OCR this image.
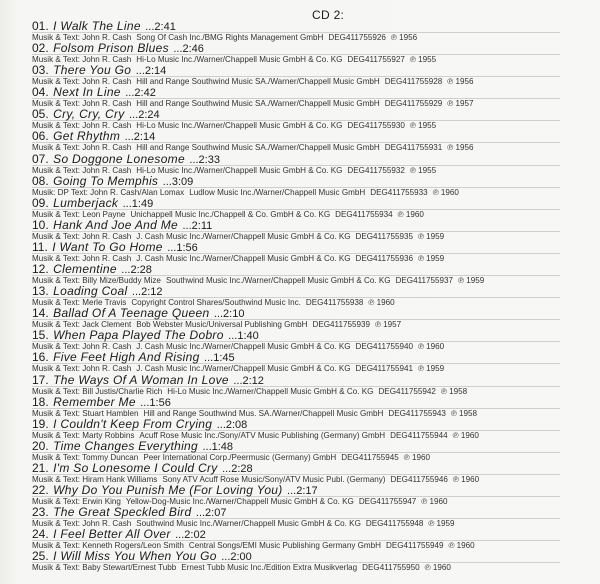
CD 2:
01. I Walk The Line ...2:41
Musik & Text: John R. Cash Song Of Cash Inc./BMG Rights Management GmbH DEG411755926 ℗ 1956
02. Folsom Prison Blues ...2:46
Musik & Text: John R. Cash Hi-Lo Music Inc./Warner/Chappell Music GmbH & Co. KG DEG411755927 ℗ 1955
03. There You Go ...2:14
Musik & Text: John R. Cash Hill and Range Southwind Music SA./Warner/Chappell Music GmbH DEG411755928 ℗ 1956
04. Next In Line ...2:42
Musik & Text: John R. Cash Hill and Range Southwind Music SA./Warner/Chappell Music GmbH DEG411755929 ℗ 1957
05. Cry, Cry, Cry ...2:24
Musik & Text: John R. Cash Hi-Lo Music Inc./Warner/Chappell Music GmbH & Co. KG DEG411755930 ℗ 1955
06. Get Rhythm ...2:14
Musik & Text: John R. Cash Hill and Range Southwind Music SA./Warner/Chappell Music GmbH DEG411755931 ℗ 1956
07. So Doggone Lonesome ...2:33
Musik & Text: John R. Cash Hi-Lo Music Inc./Warner/Chappell Music GmbH & Co. KG DEG411755932 ℗ 1955
08. Going To Memphis ...3:09
Musik: DP Text: John R. Cash/Alan Lomax Ludlow Music Inc./Warner/Chappell Music GmbH DEG411755933 ℗ 1960
09. Lumberjack ...1:49
Musik & Text: Leon Payne Unichappell Music Inc./Chappell & Co. GmbH & Co. KG DEG411755934 ℗ 1960
10. Hank And Joe And Me ...2:11
Musik & Text: John R. Cash J. Cash Music Inc./Warner/Chappell Music GmbH & Co. KG DEG411755935 ℗ 1959
11. I Want To Go Home ...1:56
Musik & Text: John R. Cash J. Cash Music Inc./Warner/Chappell Music GmbH & Co. KG DEG411755936 ℗ 1959
12. Clementine ...2:28
Musik & Text: Billy Mize/Buddy Mize Southwind Music Inc./Warner/Chappell Music GmbH & Co. KG DEG411755937 ℗ 1959
13. Loading Coal ...2:12
Musik & Text: Merle Travis Copyright Control Shares/Southwind Music Inc. DEG411755938 ℗ 1960
14. Ballad Of A Teenage Queen ...2:10
Musik & Text: Jack Clement Bob Webster Music/Universal Publishing GmbH DEG411755939 ℗ 1957
15. When Papa Played The Dobro ...1:40
Musik & Text: John R. Cash J. Cash Music Inc./Warner/Chappell Music GmbH & Co. KG DEG411755940 ℗ 1960
16. Five Feet High And Rising ...1:45
Musik & Text: John R. Cash J. Cash Music Inc./Warner/Chappell Music GmbH & Co. KG DEG411755941 ℗ 1959
17. The Ways Of A Woman In Love ...2:12
Musik & Text: Bill Justis/Charlie Rich Hi-Lo Music Inc./Warner/Chappell Music GmbH & Co. KG DEG411755942 ℗ 1958
18. Remember Me ...1:56
Musik & Text: Stuart Hamblen Hill and Range Southwind Mus. SA./Warner/Chappell Music GmbH DEG411755943 ℗ 1958
19. I Couldn't Keep From Crying ...2:08
Musik & Text: Marty Robbins Acuff Rose Music Inc./Sony/ATV Music Publishing (Germany) GmbH DEG411755944 ℗ 1960
20. Time Changes Everything ...1:48
Musik & Text: Tommy Duncan Peer International Corp./Peermusic (Germany) GmbH DEG411755945 ℗ 1960
21. I'm So Lonesome I Could Cry ...2:28
Musik & Text: Hiram Hank Williams Sony ATV Acuff Rose Music/Sony/ATV Music Publ. (Germany) DEG411755946 ℗ 1960
22. Why Do You Punish Me (For Loving You) ...2:17
Musik & Text: Erwin King Yellow-Dog-Music Inc./Warner/Chappell Music GmbH & Co. KG DEG411755947 ℗ 1960
23. The Great Speckled Bird ...2:07
Musik & Text: John R. Cash Southwind Music Inc./Warner/Chappell Music GmbH & Co. KG DEG411755948 ℗ 1959
24. I Feel Better All Over ...2:02
Musik & Text: Kenneth Rogers/Leon Smith Central Songs/EMI Music Publishing Germany GmbH DEG411755949 ℗ 1960
25. I Will Miss You When You Go ...2:00
Musik & Text: Baby Stewart/Ernest Tubb Ernest Tubb Music Inc./Edition Extra Musikverlag DEG411755950 ℗ 1960
